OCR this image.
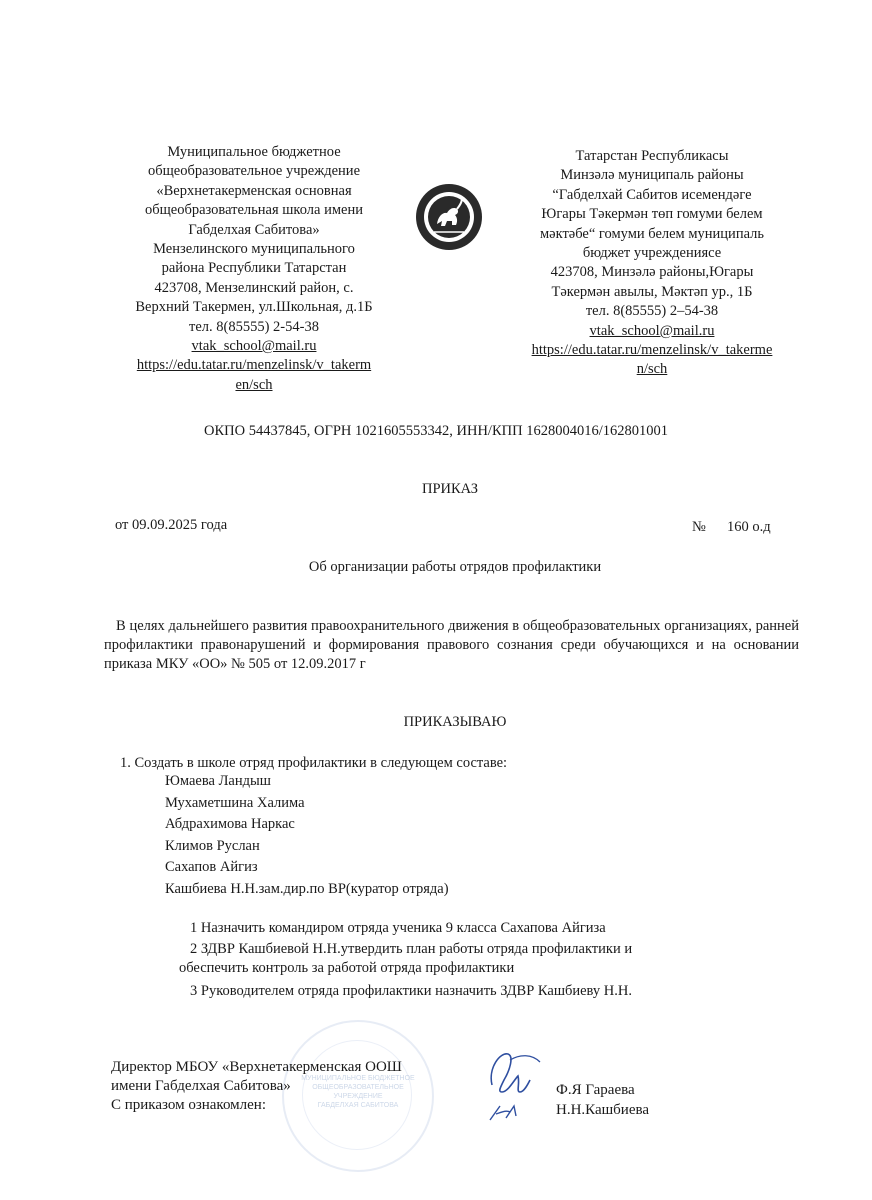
Муниципальное бюджетное
общеобразовательное учреждение
«Верхнетакерменская основная
общеобразовательная школа имени
Габделхая Сабитова»
Мензелинского муниципального
района Республики Татарстан
423708, Мензелинский район, с.
Верхний Такермен, ул.Школьная, д.1Б
тел. 8(85555) 2-54-38
vtak_school@mail.ru
https://edu.tatar.ru/menzelinsk/v_takerm
en/sch
Татарстан Республикасы
Минзәлә муниципаль районы
“Габделхай Сабитов исемендәге
Югары Тәкермән төп гомуми белем
мәктәбе“ гомуми белем муниципаль
бюджет учреждениясе
423708, Минзәлә районы,Югары
Тәкермән авылы, Мәктәп ур., 1Б
тел. 8(85555) 2–54-38
vtak_school@mail.ru
https://edu.tatar.ru/menzelinsk/v_takerme
n/sch
ОКПО 54437845, ОГРН 1021605553342, ИНН/КПП 1628004016/162801001
ПРИКАЗ
от 09.09.2025 года	№ 160 о.д
Об организации работы отрядов профилактики
В целях дальнейшего развития правоохранительного движения в общеобразовательных организациях, ранней профилактики правонарушений и формирования правового сознания среди обучающихся и на основании приказа МКУ «ОО» № 505 от 12.09.2017 г
ПРИКАЗЫВАЮ
1. Создать в школе отряд профилактики в следующем составе:
Юмаева Ландыш
Мухаметшина Халима
Абдрахимова Наркас
Климов Руслан
Сахапов Айгиз
Кашбиева Н.Н.зам.дир.по ВР(куратор отряда)
1 Назначить командиром отряда ученика 9 класса Сахапова Айгиза
2 ЗДВР Кашбиевой Н.Н.утвердить план работы отряда профилактики и
обеспечить контроль за работой отряда профилактики
3 Руководителем отряда профилактики назначить ЗДВР Кашбиеву Н.Н.
МУНИЦИПАЛЬНОЕ БЮДЖЕТНОЕ
ОБЩЕОБРАЗОВАТЕЛЬНОЕ
УЧРЕЖДЕНИЕ
ГАБДЕЛХАЯ САБИТОВА
Директор МБОУ «Верхнетакерменская ООШ
имени Габделхая Сабитова»
С приказом ознакомлен:
Ф.Я Гараева
Н.Н.Кашбиева
